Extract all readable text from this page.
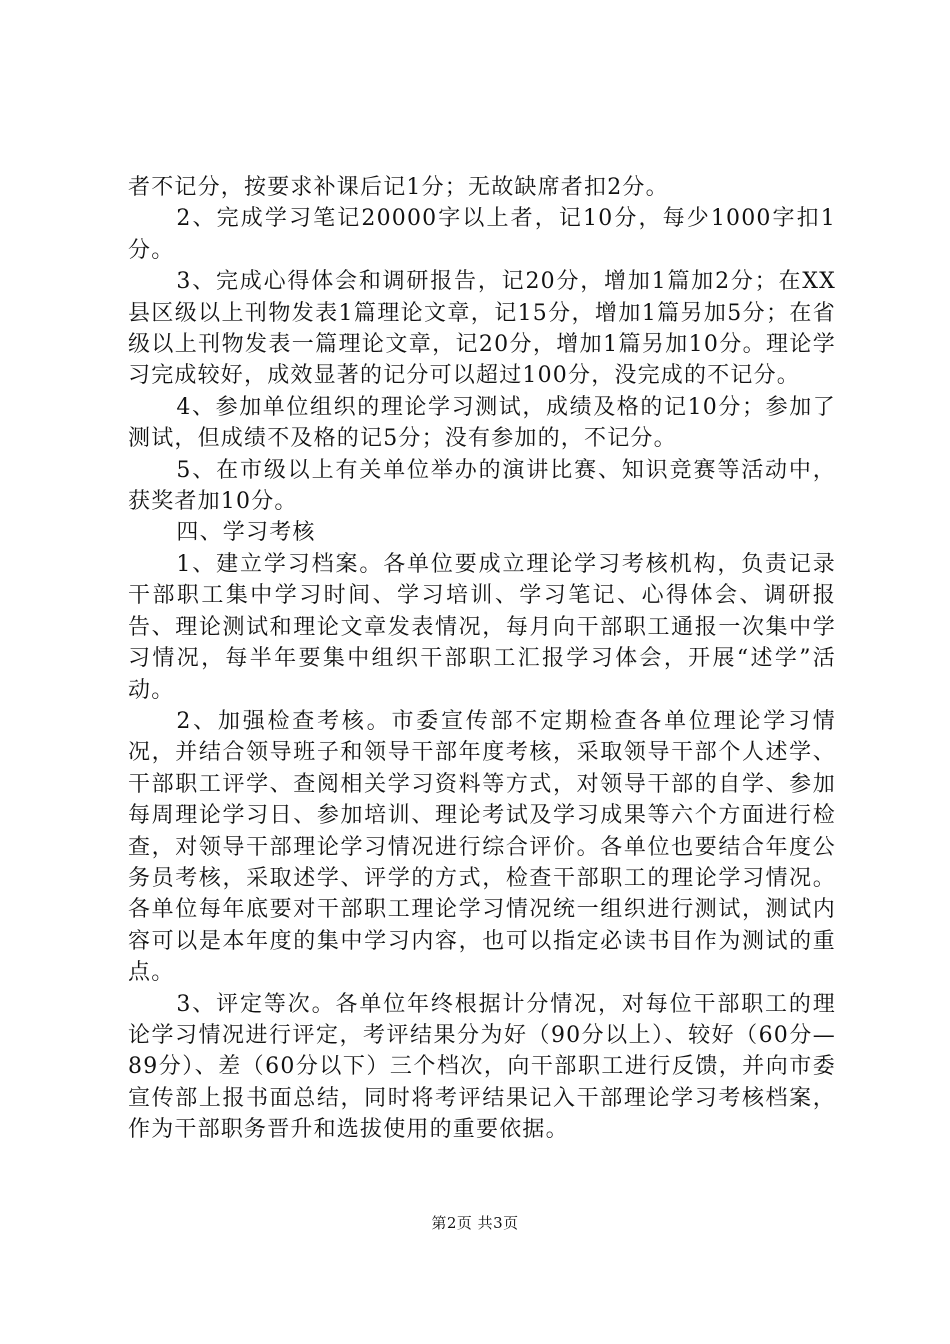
者不记分，按要求补课后记1分；无故缺席者扣2分。

2、完成学习笔记20000字以上者，记10分，每少1000字扣1分。

3、完成心得体会和调研报告，记20分，增加1篇加2分；在XX县区级以上刊物发表1篇理论文章，记15分，增加1篇另加5分；在省级以上刊物发表一篇理论文章，记20分，增加1篇另加10分。理论学习完成较好，成效显著的记分可以超过100分，没完成的不记分。

4、参加单位组织的理论学习测试，成绩及格的记10分；参加了测试，但成绩不及格的记5分；没有参加的，不记分。

5、在市级以上有关单位举办的演讲比赛、知识竞赛等活动中，获奖者加10分。

四、学习考核

1、建立学习档案。各单位要成立理论学习考核机构，负责记录干部职工集中学习时间、学习培训、学习笔记、心得体会、调研报告、理论测试和理论文章发表情况，每月向干部职工通报一次集中学习情况，每半年要集中组织干部职工汇报学习体会，开展“述学”活动。

2、加强检查考核。市委宣传部不定期检查各单位理论学习情况，并结合领导班子和领导干部年度考核，采取领导干部个人述学、干部职工评学、查阅相关学习资料等方式，对领导干部的自学、参加每周理论学习日、参加培训、理论考试及学习成果等六个方面进行检查，对领导干部理论学习情况进行综合评价。各单位也要结合年度公务员考核，采取述学、评学的方式，检查干部职工的理论学习情况。各单位每年底要对干部职工理论学习情况统一组织进行测试，测试内容可以是本年度的集中学习内容，也可以指定必读书目作为测试的重点。

3、评定等次。各单位年终根据计分情况，对每位干部职工的理论学习情况进行评定，考评结果分为好（90分以上）、较好（60分—89分）、差（60分以下）三个档次，向干部职工进行反馈，并向市委宣传部上报书面总结，同时将考评结果记入干部理论学习考核档案，作为干部职务晋升和选拔使用的重要依据。

第2页 共3页
